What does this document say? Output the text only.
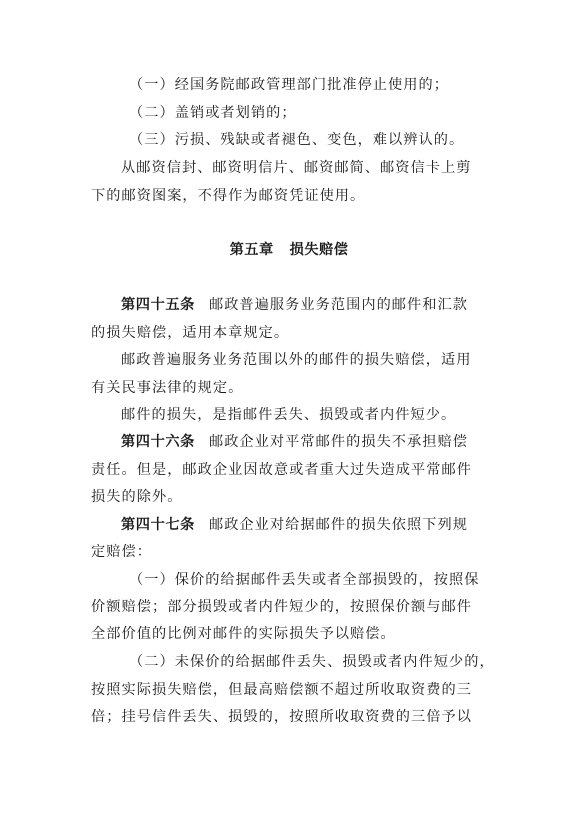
（一）经国务院邮政管理部门批准停止使用的；
（二）盖销或者划销的；
（三）污损、残缺或者褪色、变色，难以辨认的。
从邮资信封、邮资明信片、邮资邮简、邮资信卡上剪
下的邮资图案，不得作为邮资凭证使用。
第五章 损失赔偿
第四十五条 邮政普遍服务业务范围内的邮件和汇款
的损失赔偿，适用本章规定。
邮政普遍服务业务范围以外的邮件的损失赔偿，适用
有关民事法律的规定。
邮件的损失，是指邮件丢失、损毁或者内件短少。
第四十六条 邮政企业对平常邮件的损失不承担赔偿
责任。但是，邮政企业因故意或者重大过失造成平常邮件
损失的除外。
第四十七条 邮政企业对给据邮件的损失依照下列规
定赔偿：
（一）保价的给据邮件丢失或者全部损毁的，按照保
价额赔偿；部分损毁或者内件短少的，按照保价额与邮件
全部价值的比例对邮件的实际损失予以赔偿。
（二）未保价的给据邮件丢失、损毁或者内件短少的，
按照实际损失赔偿，但最高赔偿额不超过所收取资费的三
倍；挂号信件丢失、损毁的，按照所收取资费的三倍予以
